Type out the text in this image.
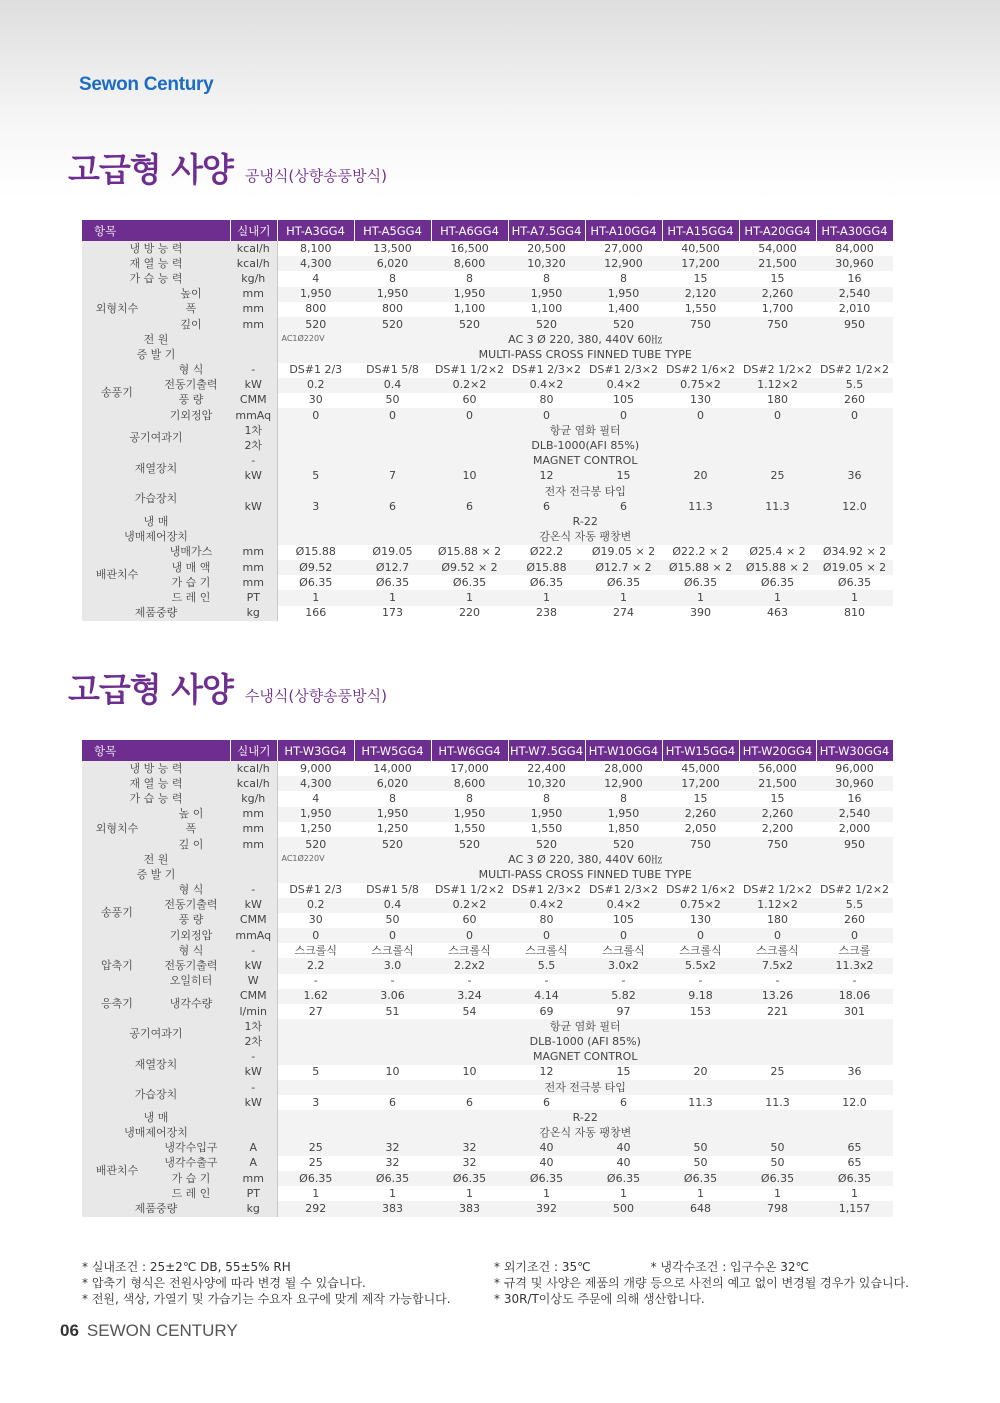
Sewon Century
고급형 사양 공냉식(상향송풍방식)
항목		실내기	HT-A3GG4	HT-A5GG4	HT-A6GG4	HT-A7.5GG4	HT-A10GG4	HT-A15GG4	HT-A20GG4	HT-A30GG4
냉 방 능 력		kcal/h	8,100	13,500	16,500	20,500	27,000	40,500	54,000	84,000
재 열 능 력		kcal/h	4,300	6,020	8,600	10,320	12,900	17,200	21,500	30,960
가 습 능 력		kg/h	4	8	8	8	8	15	15	16
외형치수	높이	mm	1,950	1,950	1,950	1,950	1,950	2,120	2,260	2,540
	폭	mm	800	800	1,100	1,100	1,400	1,550	1,700	2,010
	깊이	mm	520	520	520	520	520	750	750	950
전 원			AC 3 Ø 220, 380, 440V 60㎐
AC1Ø220V							

증 발 기			MULTI-PASS CROSS FINNED TUBE TYPE							
송풍기	형 식	-	DS#1 2/3	DS#1 5/8	DS#1 1/2×2	DS#1 2/3×2	DS#1 2/3×2	DS#2 1/6×2	DS#2 1/2×2	DS#2 1/2×2
	전동기출력	kW	0.2	0.4	0.2×2	0.4×2	0.4×2	0.75×2	1.12×2	5.5
	풍 량	CMM	30	50	60	80	105	130	180	260
	기외정압	mmAq	0	0	0	0	0	0	0	0
공기여과기		1차	항균 염화 필터							
		2차	DLB-1000(AFI 85%)							
재열장치		-	MAGNET CONTROL							
		kW	5	7	10	12	15	20	25	36
가습장치			전자 전극봉 타입							
		kW	3	6	6	6	6	11.3	11.3	12.0
냉 매			R-22							
냉매제어장치			감온식 자동 팽창변							
배관치수	냉매가스	mm	Ø15.88	Ø19.05	Ø15.88 × 2	Ø22.2	Ø19.05 × 2	Ø22.2 × 2	Ø25.4 × 2	Ø34.92 × 2
	냉 매 액	mm	Ø9.52	Ø12.7	Ø9.52 × 2	Ø15.88	Ø12.7 × 2	Ø15.88 × 2	Ø15.88 × 2	Ø19.05 × 2
	가 습 기	mm	Ø6.35	Ø6.35	Ø6.35	Ø6.35	Ø6.35	Ø6.35	Ø6.35	Ø6.35
	드 레 인	PT	1	1	1	1	1	1	1	1
제품중량		kg	166	173	220	238	274	390	463	810
고급형 사양 수냉식(상향송풍방식)
항목		실내기	HT-W3GG4	HT-W5GG4	HT-W6GG4	HT-W7.5GG4	HT-W10GG4	HT-W15GG4	HT-W20GG4	HT-W30GG4
냉 방 능 력		kcal/h	9,000	14,000	17,000	22,400	28,000	45,000	56,000	96,000
재 열 능 력		kcal/h	4,300	6,020	8,600	10,320	12,900	17,200	21,500	30,960
가 습 능 력		kg/h	4	8	8	8	8	15	15	16
외형치수	높 이	mm	1,950	1,950	1,950	1,950	1,950	2,260	2,260	2,540
	폭	mm	1,250	1,250	1,550	1,550	1,850	2,050	2,200	2,000
	깊 이	mm	520	520	520	520	520	750	750	950
전 원			AC 3 Ø 220, 380, 440V 60㎐
AC1Ø220V							

증 발 기			MULTI-PASS CROSS FINNED TUBE TYPE							
송풍기	형 식	-	DS#1 2/3	DS#1 5/8	DS#1 1/2×2	DS#1 2/3×2	DS#1 2/3×2	DS#2 1/6×2	DS#2 1/2×2	DS#2 1/2×2
	전동기출력	kW	0.2	0.4	0.2×2	0.4×2	0.4×2	0.75×2	1.12×2	5.5
	풍 량	CMM	30	50	60	80	105	130	180	260
	기외정압	mmAq	0	0	0	0	0	0	0	0
압축기	형 식	-	스크롤식	스크롤식	스크롤식	스크롤식	스크롤식	스크롤식	스크롤식	스크롤
	전동기출력	kW	2.2	3.0	2.2x2	5.5	3.0x2	5.5x2	7.5x2	11.3x2
	오일히터	W	-	-	-	-	-	-	-	-
응축기	냉각수량	CMM	1.62	3.06	3.24	4.14	5.82	9.18	13.26	18.06
		l/min	27	51	54	69	97	153	221	301
공기여과기		1차	항균 염화 필터							
		2차	DLB-1000 (AFI 85%)							
재열장치		-	MAGNET CONTROL							
		kW	5	10	10	12	15	20	25	36
가습장치		-	전자 전극봉 타입							
		kW	3	6	6	6	6	11.3	11.3	12.0
냉 매			R-22							
냉매제어장치			감온식 자동 팽창변							
배관치수	냉각수입구	A	25	32	32	40	40	50	50	65
	냉각수출구	A	25	32	32	40	40	50	50	65
	가 습 기	mm	Ø6.35	Ø6.35	Ø6.35	Ø6.35	Ø6.35	Ø6.35	Ø6.35	Ø6.35
	드 레 인	PT	1	1	1	1	1	1	1	1
제품중량		kg	292	383	383	392	500	648	798	1,157
* 실내조건 : 25±2℃ DB, 55±5% RH
* 압축기 형식은 전원사양에 따라 변경 될 수 있습니다.
* 전원, 색상, 가열기 및 가습기는 수요자 요구에 맞게 제작 가능합니다.
* 외기조건 : 35℃	* 냉각수조건 : 입구수온 32℃
* 규격 및 사양은 제품의 개량 등으로 사전의 예고 없이 변경될 경우가 있습니다.
* 30R/T이상도 주문에 의해 생산합니다.
06 SEWON CENTURY
